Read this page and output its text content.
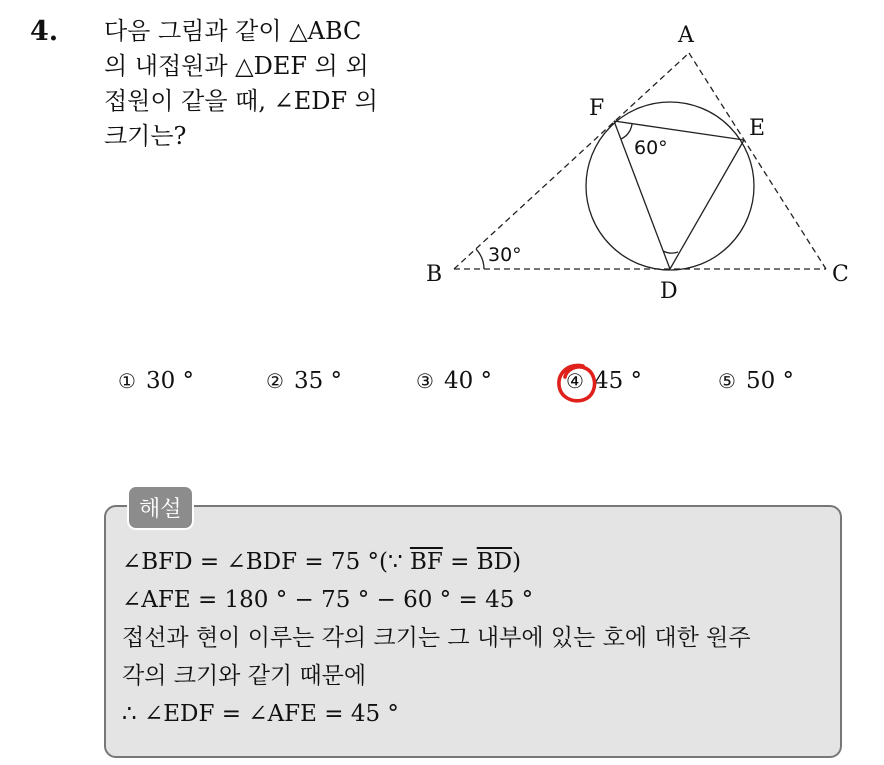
4. 다음 그림과 같이 △ABC
의 내접원과 △DEF 의 외
접원이 같을 때, ∠EDF 의
크기는?
A
B	C
D
E
F
30°
60°
① 30 °	② 35 °	③ 40 °	④ 45 °	⑤ 50 °
해설
∠BFD = ∠BDF = 75 °(∵ $\overline{BF} = \overline{BD}$)
∠AFE = 180 ° − 75 ° − 60 ° = 45 °
접선과 현이 이루는 각의 크기는 그 내부에 있는 호에 대한 원주
각의 크기와 같기 때문에
∴ ∠EDF = ∠AFE = 45 °
